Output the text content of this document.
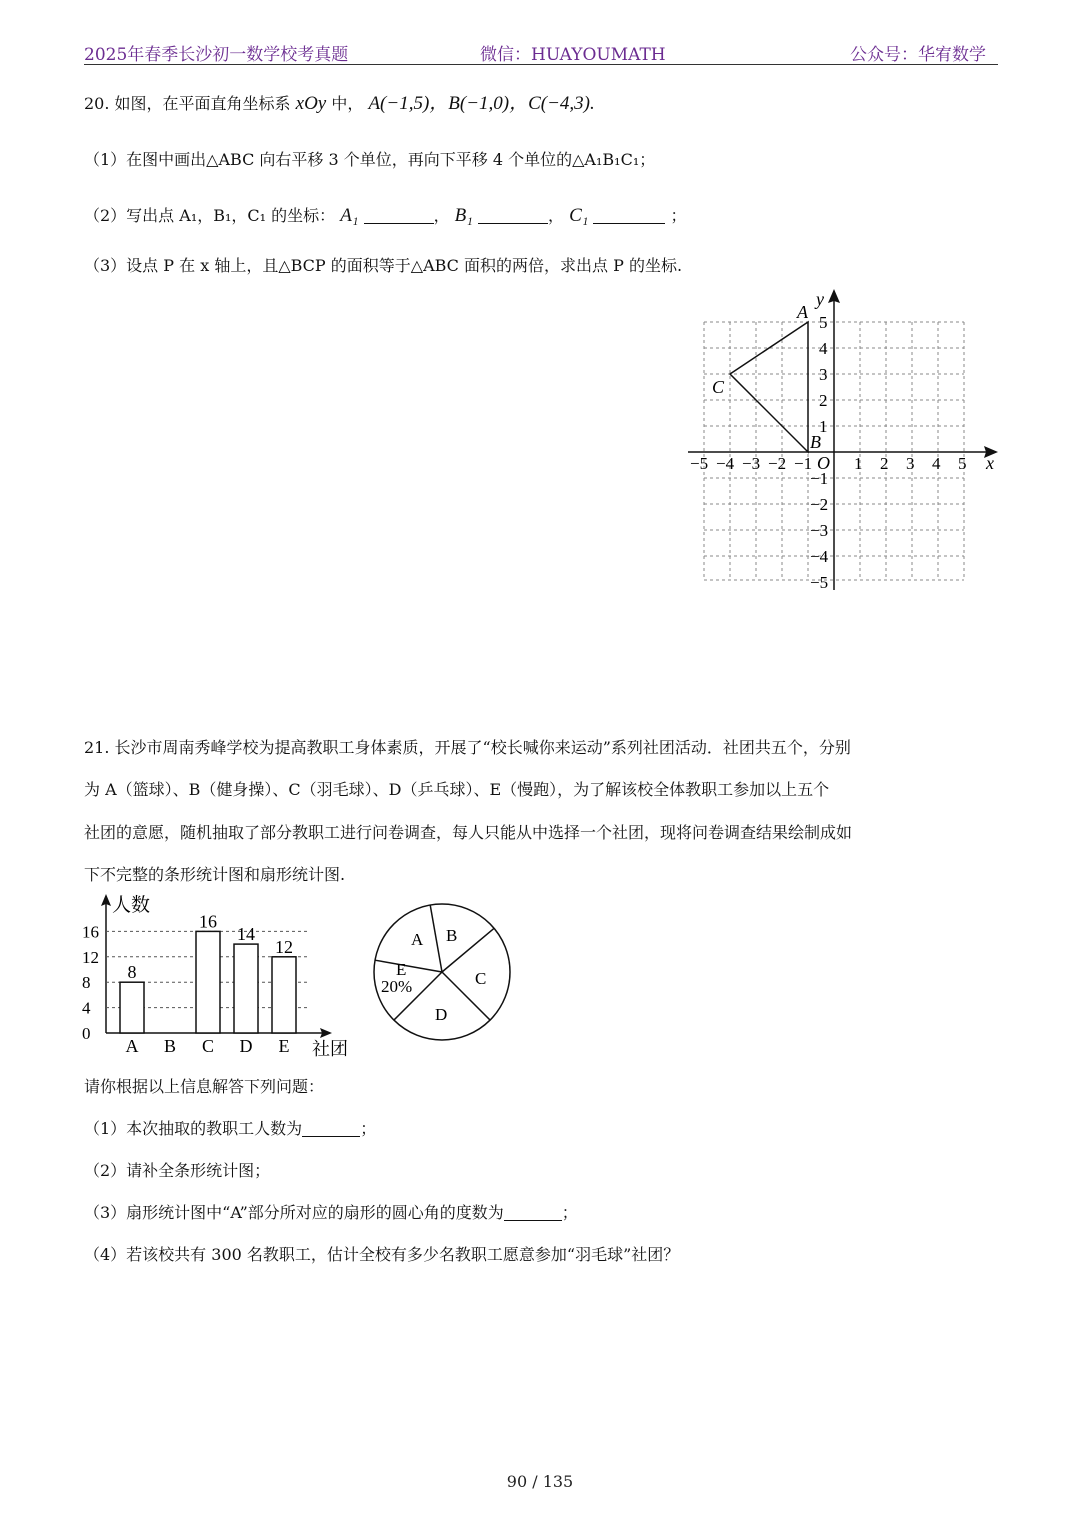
2025年春季长沙初一数学校考真题	微信：HUAYOUMATH	公众号：华宥数学
20. 如图，在平面直角坐标系 xOy 中， A(−1,5)，B(−1,0)，C(−4,3).
（1）在图中画出△ABC 向右平移 3 个单位，再向下平移 4 个单位的△A₁B₁C₁；
（2）写出点 A₁，B₁，C₁ 的坐标： A₁	， B₁	， C₁	；
（3）设点 P 在 x 轴上，且△BCP 的面积等于△ABC 面积的两倍，求出点 P 的坐标.
x
y
O
A
B
C
−5 −4 −3 −2 −1 1 2 3 4 5
5
4
3
2
1
−1
−2
−3
−4
−5
21. 长沙市周南秀峰学校为提高教职工身体素质，开展了“校长喊你来运动”系列社团活动．社团共五个，分别
为 A（篮球）、B（健身操）、C（羽毛球）、D（乒乓球）、E（慢跑），为了解该校全体教职工参加以上五个
社团的意愿，随机抽取了部分教职工进行问卷调查，每人只能从中选择一个社团，现将问卷调查结果绘制成如
下不完整的条形统计图和扇形统计图.
人数
社团
0
4
8
12
16
8
A B
16
C
14
D
12
E
A B
C
D
E
20%
请你根据以上信息解答下列问题：
（1）本次抽取的教职工人数为	；
（2）请补全条形统计图；
（3）扇形统计图中“A”部分所对应的扇形的圆心角的度数为	；
（4）若该校共有 300 名教职工，估计全校有多少名教职工愿意参加“羽毛球”社团？
90 / 135
